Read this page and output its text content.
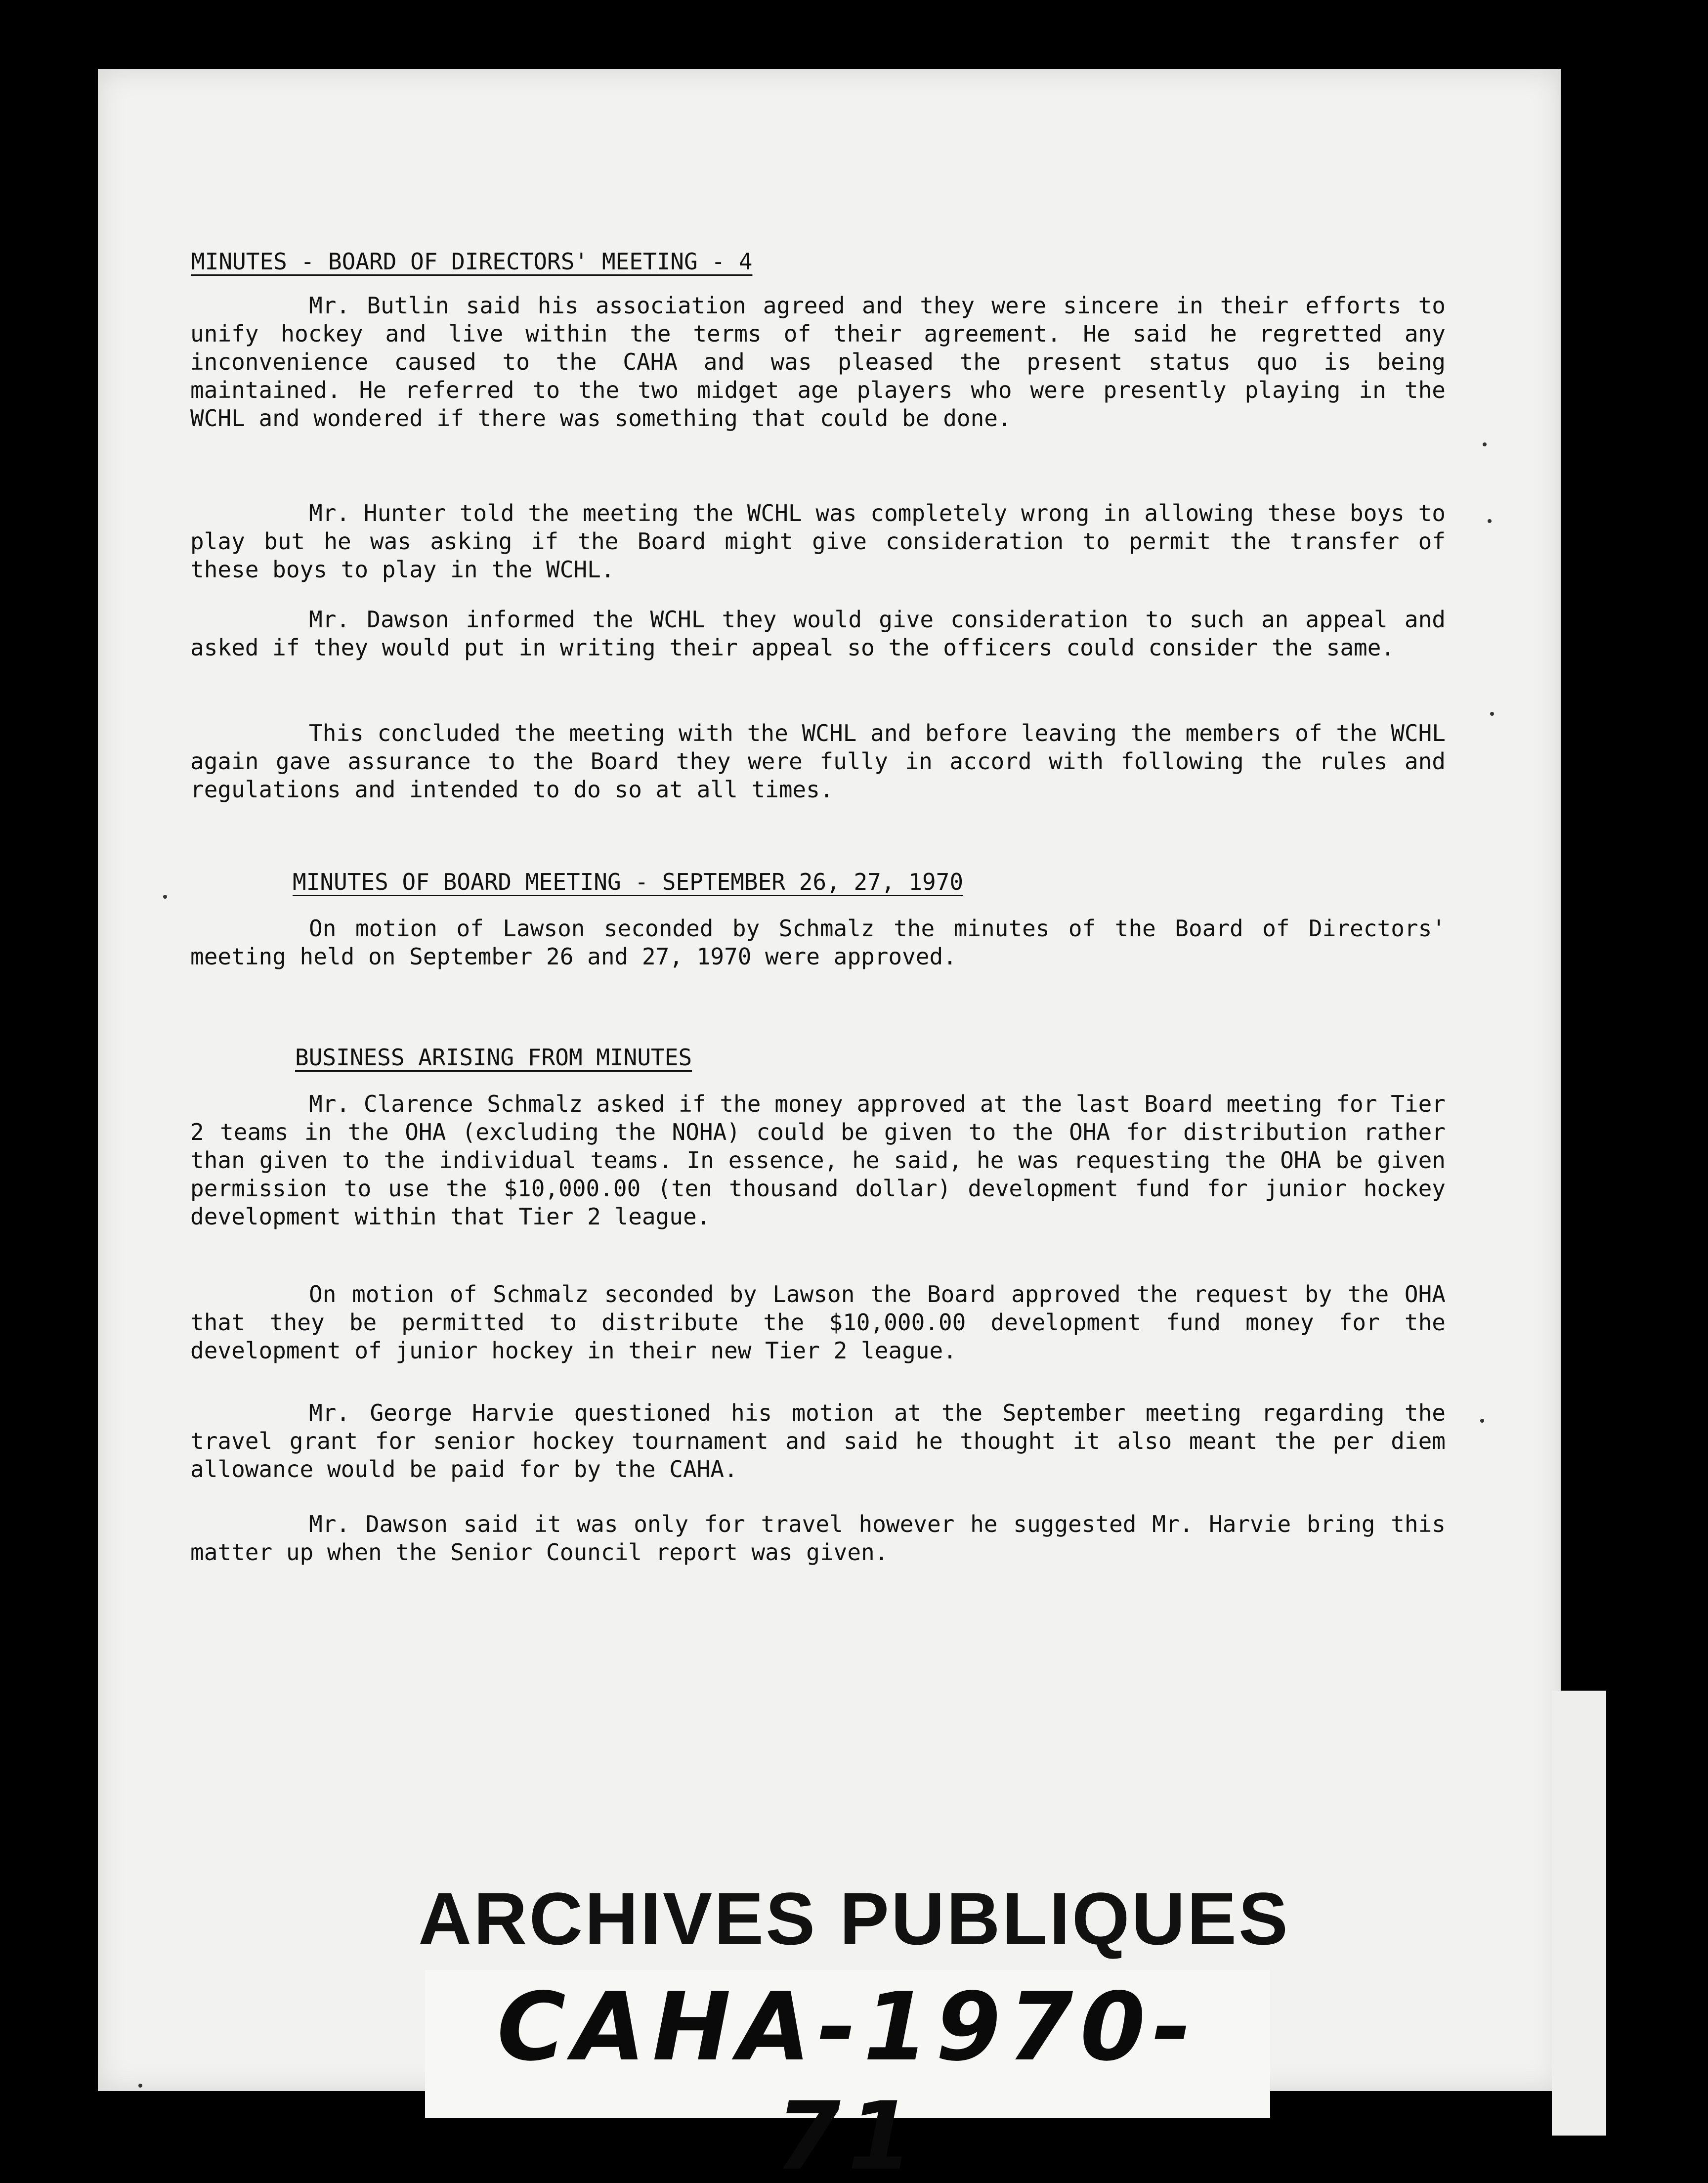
MINUTES - BOARD OF DIRECTORS' MEETING - 4
Mr. Butlin said his association agreed and they were sincere in their efforts to unify hockey and live within the terms of their agreement. He said he regretted any inconvenience caused to the CAHA and was pleased the present status quo is being maintained. He referred to the two midget age players who were presently playing in the WCHL and wondered if there was something that could be done.
Mr. Hunter told the meeting the WCHL was completely wrong in allowing these boys to play but he was asking if the Board might give consideration to permit the transfer of these boys to play in the WCHL.
Mr. Dawson informed the WCHL they would give consideration to such an appeal and asked if they would put in writing their appeal so the officers could consider the same.
This concluded the meeting with the WCHL and before leaving the members of the WCHL again gave assurance to the Board they were fully in accord with following the rules and regulations and intended to do so at all times.
MINUTES OF BOARD MEETING - SEPTEMBER 26, 27, 1970
On motion of Lawson seconded by Schmalz the minutes of the Board of Directors' meeting held on September 26 and 27, 1970 were approved.
BUSINESS ARISING FROM MINUTES
Mr. Clarence Schmalz asked if the money approved at the last Board meeting for Tier 2 teams in the OHA (excluding the NOHA) could be given to the OHA for distribution rather than given to the individual teams. In essence, he said, he was requesting the OHA be given permission to use the $10,000.00 (ten thousand dollar) development fund for junior hockey development within that Tier 2 league.
On motion of Schmalz seconded by Lawson the Board approved the request by the OHA that they be permitted to distribute the $10,000.00 development fund money for the development of junior hockey in their new Tier 2 league.
Mr. George Harvie questioned his motion at the September meeting regarding the travel grant for senior hockey tournament and said he thought it also meant the per diem allowance would be paid for by the CAHA.
Mr. Dawson said it was only for travel however he suggested Mr. Harvie bring this matter up when the Senior Council report was given.
ARCHIVES PUBLIQUES
CAHA-1970-71
